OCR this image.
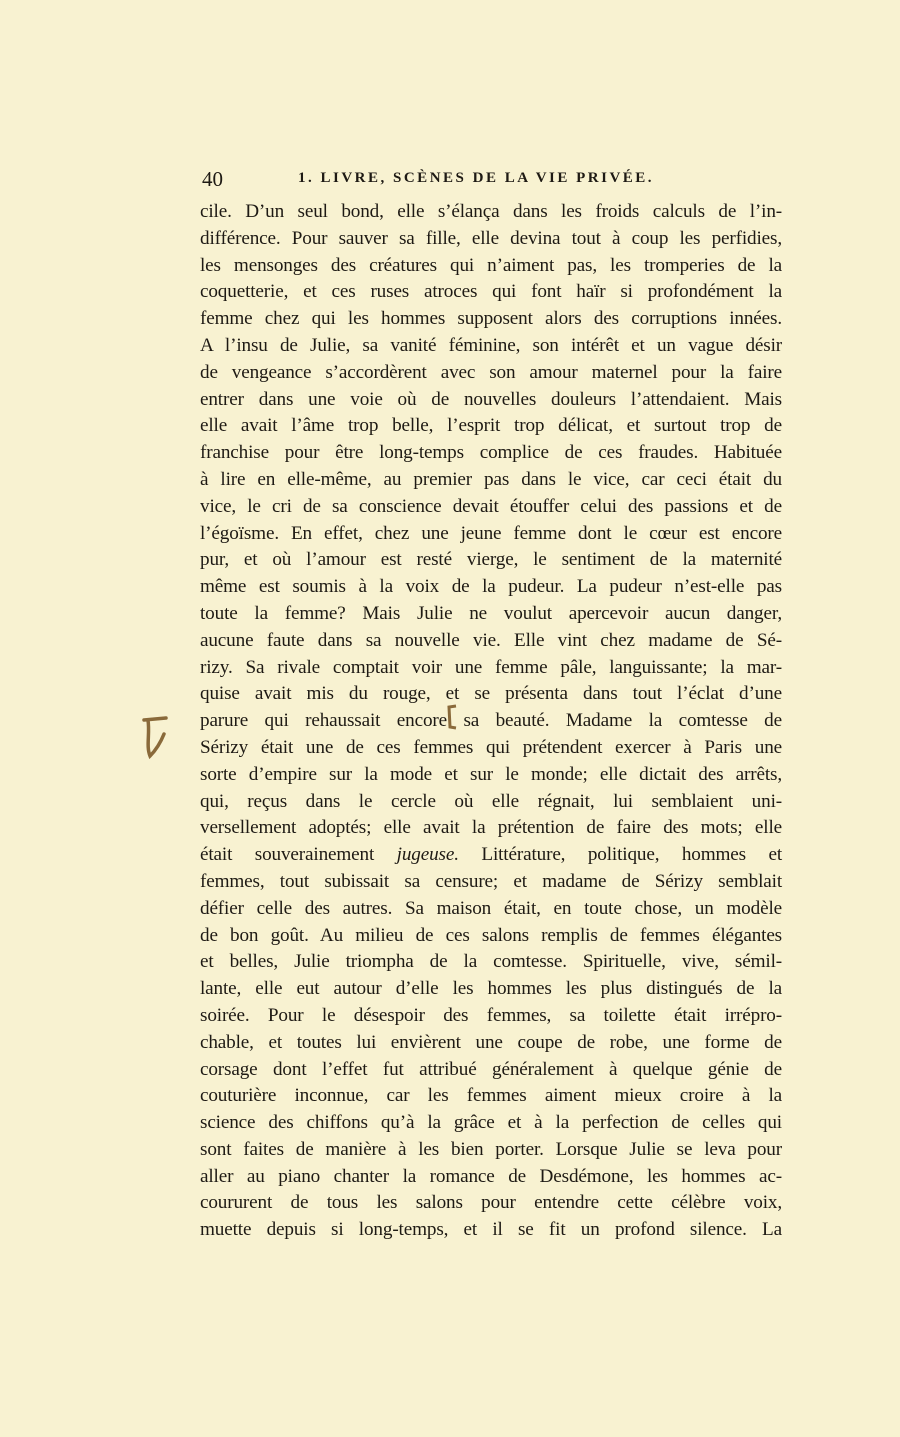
40	1. LIVRE, SCÈNES DE LA VIE PRIVÉE.
cile. D’un seul bond, elle s’élança dans les froids calculs de l’in-
différence. Pour sauver sa fille, elle devina tout à coup les perfidies,
les mensonges des créatures qui n’aiment pas, les tromperies de la
coquetterie, et ces ruses atroces qui font haïr si profondément la
femme chez qui les hommes supposent alors des corruptions innées.
A l’insu de Julie, sa vanité féminine, son intérêt et un vague désir
de vengeance s’accordèrent avec son amour maternel pour la faire
entrer dans une voie où de nouvelles douleurs l’attendaient. Mais
elle avait l’âme trop belle, l’esprit trop délicat, et surtout trop de
franchise pour être long-temps complice de ces fraudes. Habituée
à lire en elle-même, au premier pas dans le vice, car ceci était du
vice, le cri de sa conscience devait étouffer celui des passions et de
l’égoïsme. En effet, chez une jeune femme dont le cœur est encore
pur, et où l’amour est resté vierge, le sentiment de la maternité
même est soumis à la voix de la pudeur. La pudeur n’est-elle pas
toute la femme? Mais Julie ne voulut apercevoir aucun danger,
aucune faute dans sa nouvelle vie. Elle vint chez madame de Sé-
rizy. Sa rivale comptait voir une femme pâle, languissante; la mar-
quise avait mis du rouge, et se présenta dans tout l’éclat d’une
parure qui rehaussait encore sa beauté. Madame la comtesse de
Sérizy était une de ces femmes qui prétendent exercer à Paris une
sorte d’empire sur la mode et sur le monde; elle dictait des arrêts,
qui, reçus dans le cercle où elle régnait, lui semblaient uni-
versellement adoptés; elle avait la prétention de faire des mots; elle
était souverainement jugeuse. Littérature, politique, hommes et
femmes, tout subissait sa censure; et madame de Sérizy semblait
défier celle des autres. Sa maison était, en toute chose, un modèle
de bon goût. Au milieu de ces salons remplis de femmes élégantes
et belles, Julie triompha de la comtesse. Spirituelle, vive, sémil-
lante, elle eut autour d’elle les hommes les plus distingués de la
soirée. Pour le désespoir des femmes, sa toilette était irrépro-
chable, et toutes lui envièrent une coupe de robe, une forme de
corsage dont l’effet fut attribué généralement à quelque génie de
couturière inconnue, car les femmes aiment mieux croire à la
science des chiffons qu’à la grâce et à la perfection de celles qui
sont faites de manière à les bien porter. Lorsque Julie se leva pour
aller au piano chanter la romance de Desdémone, les hommes ac-
coururent de tous les salons pour entendre cette célèbre voix,
muette depuis si long-temps, et il se fit un profond silence. La
